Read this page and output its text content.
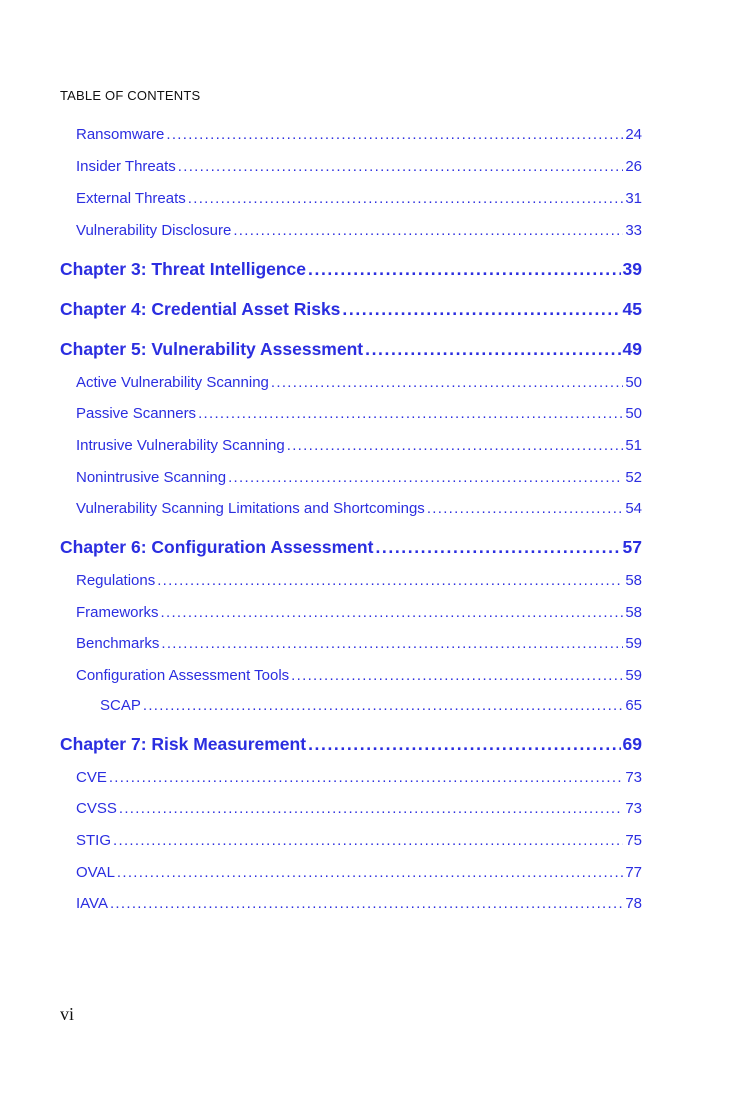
TABLE OF CONTENTS
Ransomware .....	24
Insider Threats .....	26
External Threats .....	31
Vulnerability Disclosure .....	33
Chapter 3: Threat Intelligence .....	39
Chapter 4: Credential Asset Risks .....	45
Chapter 5: Vulnerability Assessment .....	49
Active Vulnerability Scanning .....	50
Passive Scanners .....	50
Intrusive Vulnerability Scanning .....	51
Nonintrusive Scanning .....	52
Vulnerability Scanning Limitations and Shortcomings .....	54
Chapter 6: Configuration Assessment .....	57
Regulations .....	58
Frameworks .....	58
Benchmarks .....	59
Configuration Assessment Tools .....	59
SCAP .....	65
Chapter 7: Risk Measurement .....	69
CVE .....	73
CVSS .....	73
STIG .....	75
OVAL .....	77
IAVA .....	78
vi
